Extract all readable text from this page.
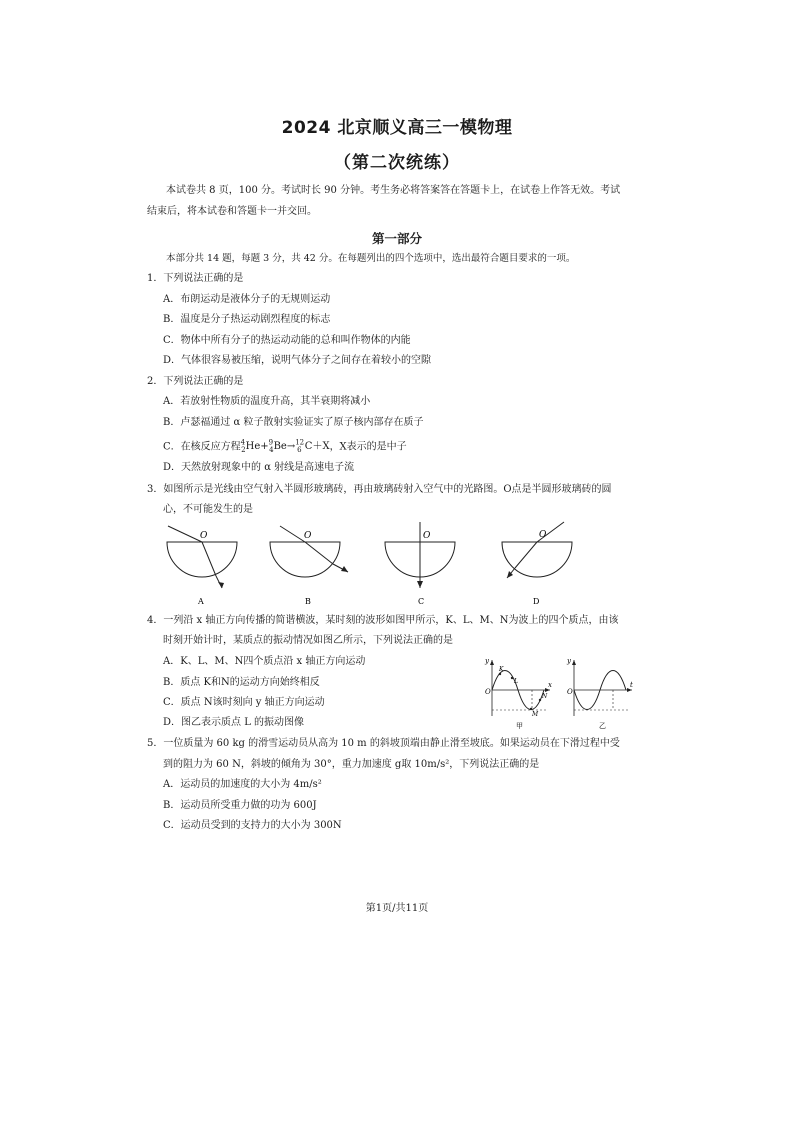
2024 北京顺义高三一模物理
（第二次统练）
本试卷共 8 页，100 分。考试时长 90 分钟。考生务必将答案答在答题卡上，在试卷上作答无效。考试
结束后，将本试卷和答题卡一并交回。
第一部分
本部分共 14 题，每题 3 分，共 42 分。在每题列出的四个选项中，选出最符合题目要求的一项。
1．下列说法正确的是
A．布朗运动是液体分子的无规则运动
B．温度是分子热运动剧烈程度的标志
C．物体中所有分子的热运动动能的总和叫作物体的内能
D．气体很容易被压缩，说明气体分子之间存在着较小的空隙
2．下列说法正确的是
A．若放射性物质的温度升高，其半衰期将减小
B．卢瑟福通过 α 粒子散射实验证实了原子核内部存在质子
C．在核反应方程$^4_2$He+$^9_4$Be→$^{12}_6$ C＋X，X表示的是中子
D．天然放射现象中的 α 射线是高速电子流
3．如图所示是光线由空气射入半圆形玻璃砖，再由玻璃砖射入空气中的光路图。O点是半圆形玻璃砖的圆
心，不可能发生的是
O
A
O
B
O
C
O
D
4．一列沿 x 轴正方向传播的简谐横波，某时刻的波形如图甲所示，K、L、M、N为波上的四个质点，由该
时刻开始计时，某质点的振动情况如图乙所示，下列说法正确的是
A．K、L、M、N四个质点沿 x 轴正方向运动
B．质点 K和N的运动方向始终相反
C．质点 N该时刻向 y 轴正方向运动
D．图乙表示质点 L 的振动图像
y
x
O
K
L
M
N
甲
y
t
O
乙
5．一位质量为 60 kg 的滑雪运动员从高为 10 m 的斜坡顶端由静止滑至坡底。如果运动员在下滑过程中受
到的阻力为 60 N，斜坡的倾角为 30°，重力加速度 g取 10m/s²，下列说法正确的是
A．运动员的加速度的大小为 4m/s²
B．运动员所受重力做的功为 600J
C．运动员受到的支持力的大小为 300N
第1页/共11页
